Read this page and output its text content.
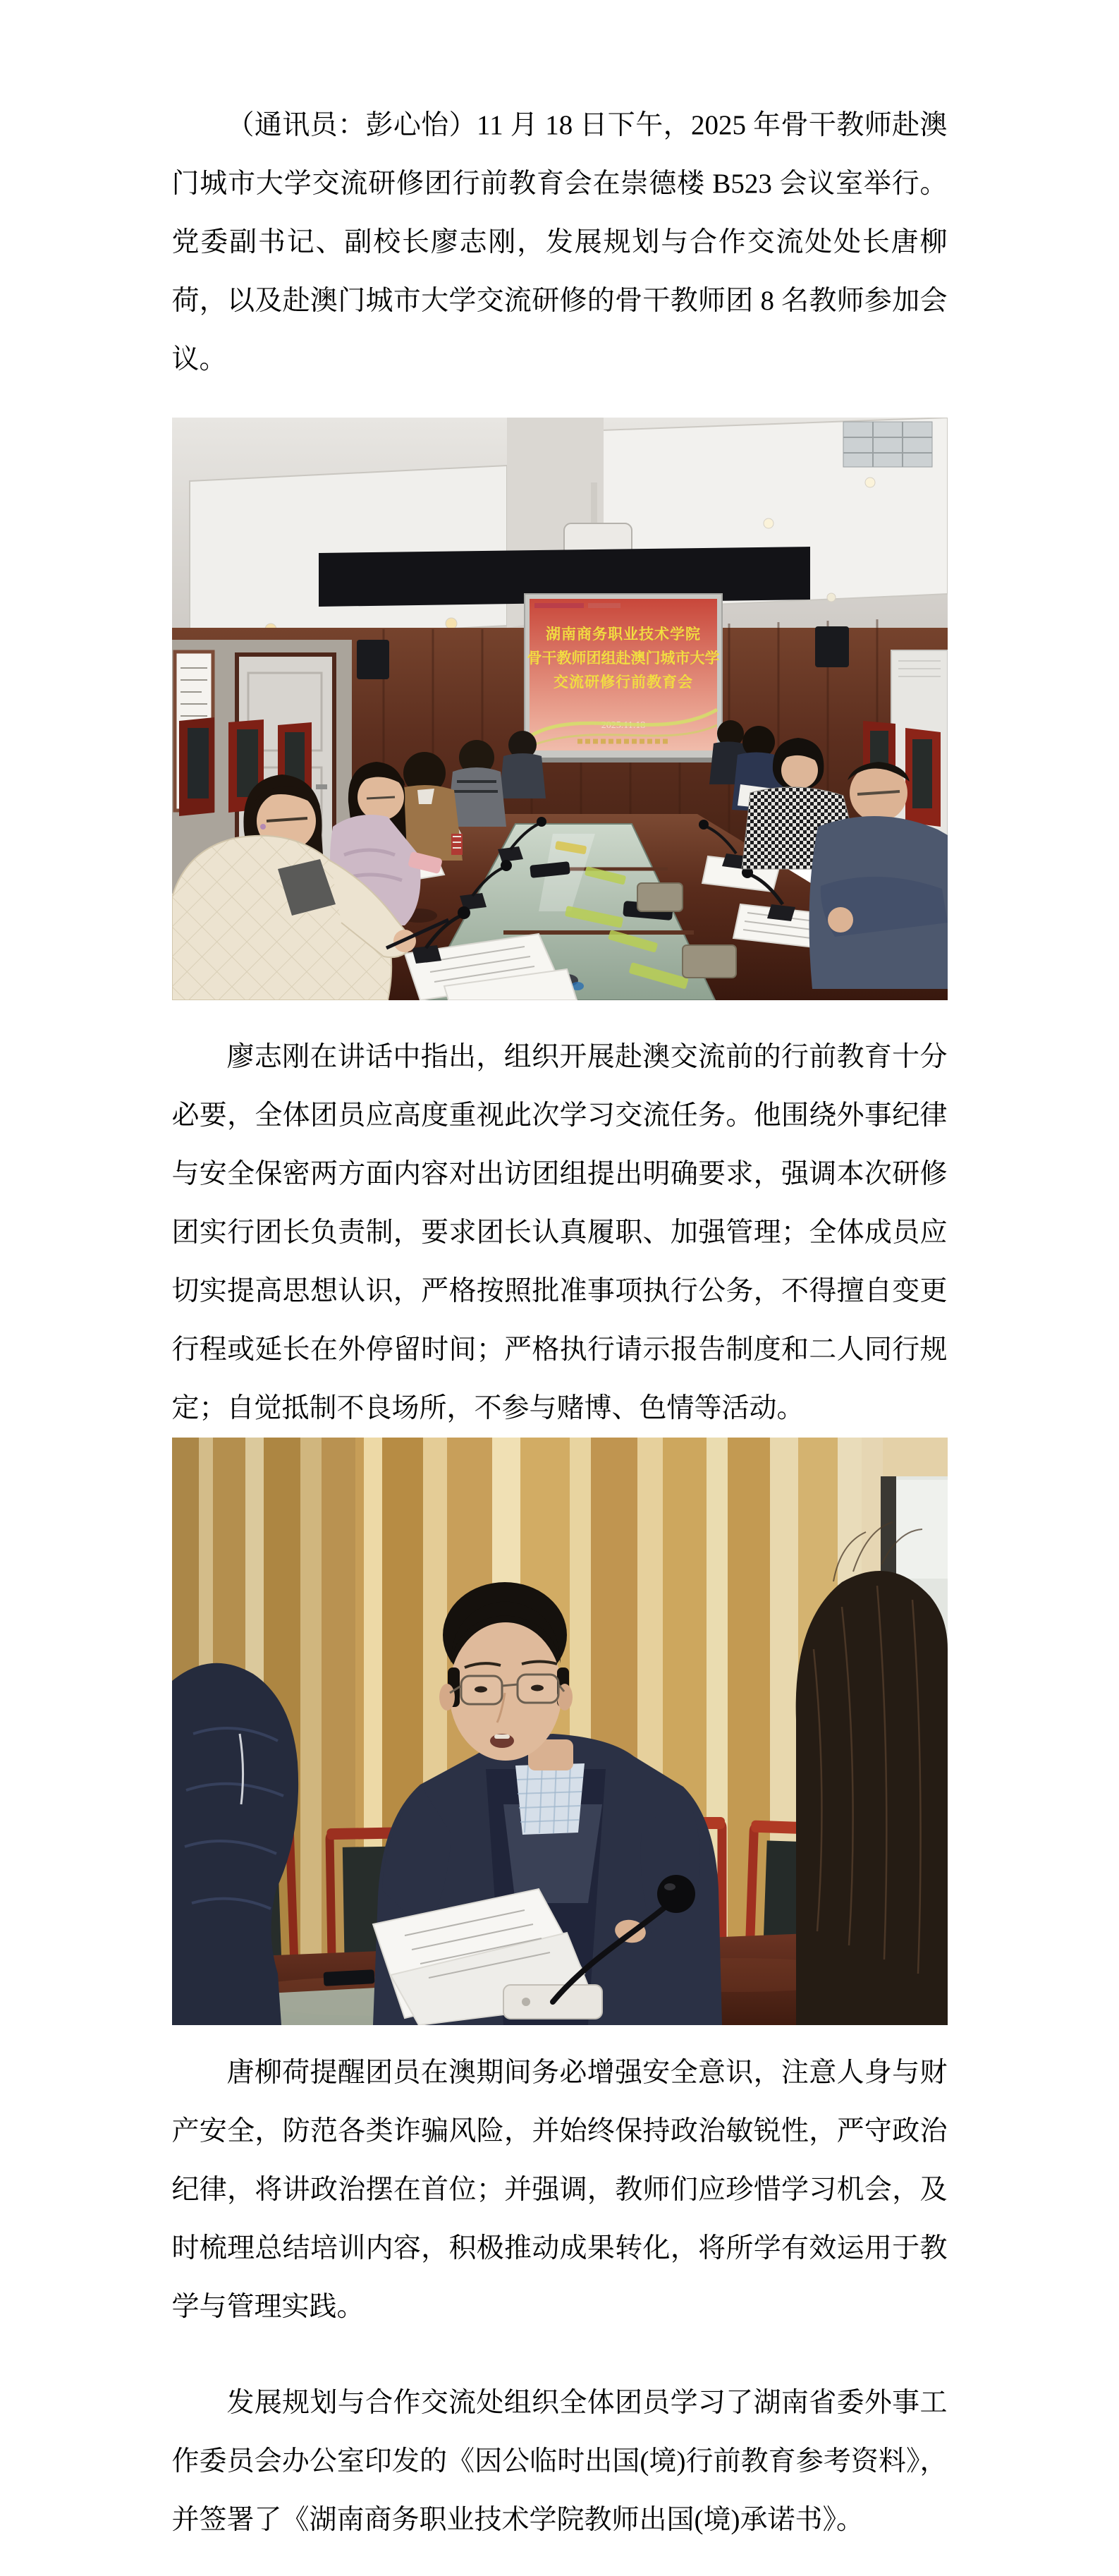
（通讯员：彭心怡）11 月 18 日下午，2025 年骨干教师赴澳门城市大学交流研修团行前教育会在崇德楼 B523 会议室举行。党委副书记、副校长廖志刚，发展规划与合作交流处处长唐柳荷，以及赴澳门城市大学交流研修的骨干教师团 8 名教师参加会议。

湖南商务职业技术学院
骨干教师团组赴澳门城市大学
交流研修行前教育会
2025.11.18

廖志刚在讲话中指出，组织开展赴澳交流前的行前教育十分必要，全体团员应高度重视此次学习交流任务。他围绕外事纪律与安全保密两方面内容对出访团组提出明确要求，强调本次研修团实行团长负责制，要求团长认真履职、加强管理；全体成员应切实提高思想认识，严格按照批准事项执行公务，不得擅自变更行程或延长在外停留时间；严格执行请示报告制度和二人同行规定；自觉抵制不良场所，不参与赌博、色情等活动。

唐柳荷提醒团员在澳期间务必增强安全意识，注意人身与财产安全，防范各类诈骗风险，并始终保持政治敏锐性，严守政治纪律，将讲政治摆在首位；并强调，教师们应珍惜学习机会，及时梳理总结培训内容，积极推动成果转化，将所学有效运用于教学与管理实践。

发展规划与合作交流处组织全体团员学习了湖南省委外事工作委员会办公室印发的《因公临时出国(境)行前教育参考资料》，并签署了《湖南商务职业技术学院教师出国(境)承诺书》。
